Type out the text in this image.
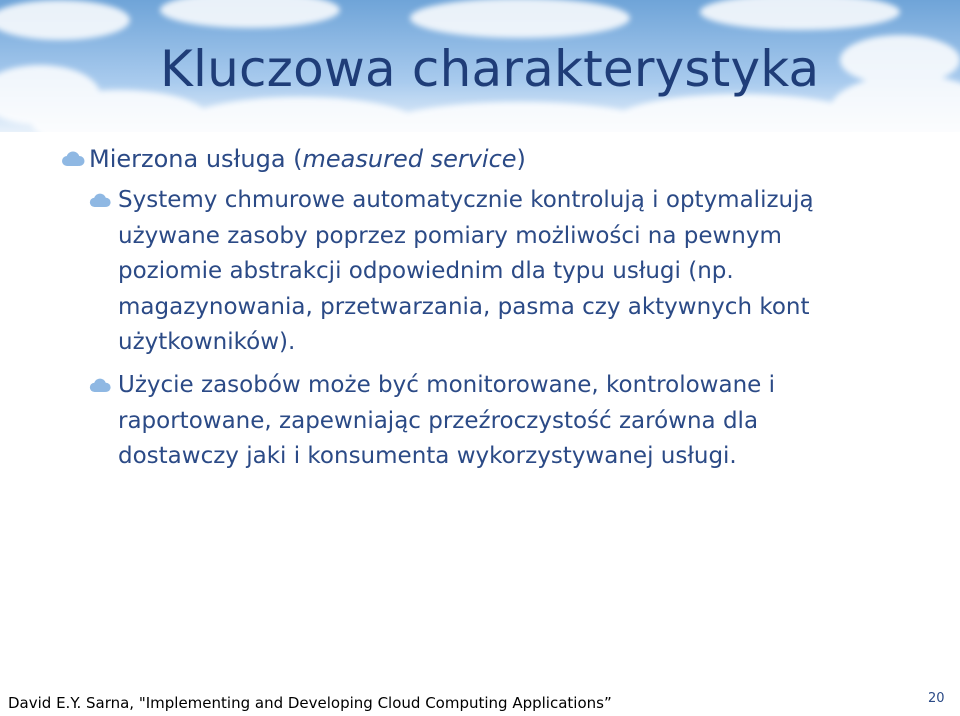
Kluczowa charakterystyka
Mierzona usługa (measured service)
Systemy chmurowe automatycznie kontrolują i optymalizują
używane zasoby poprzez pomiary możliwości na pewnym
poziomie abstrakcji odpowiednim dla typu usługi (np.
magazynowania, przetwarzania, pasma czy aktywnych kont
użytkowników).
Użycie zasobów może być monitorowane, kontrolowane i
raportowane, zapewniając przeźroczystość zarówna dla
dostawczy jaki i konsumenta wykorzystywanej usługi.
David E.Y. Sarna, "Implementing and Developing Cloud Computing Applications”	20
